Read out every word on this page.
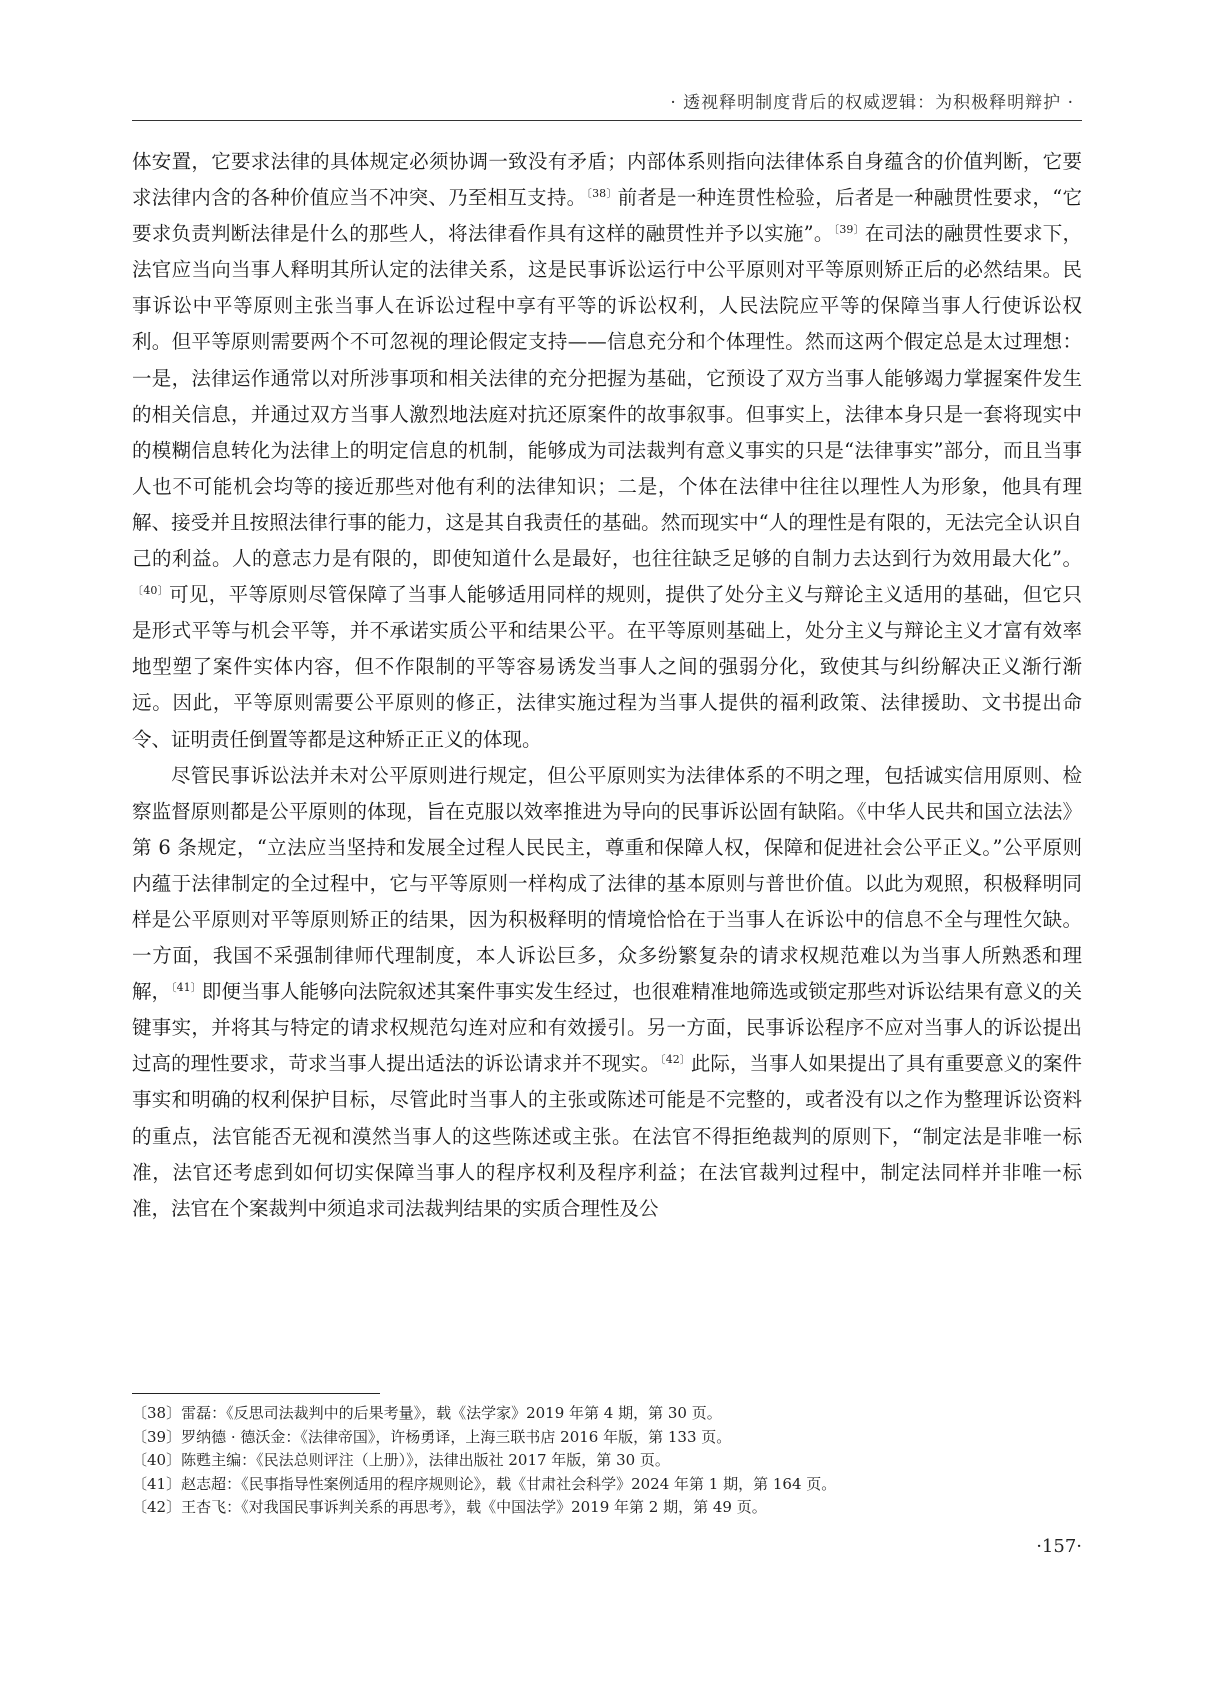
· 透视释明制度背后的权威逻辑：为积极释明辩护 ·

体安置，它要求法律的具体规定必须协调一致没有矛盾；内部体系则指向法律体系自身蕴含的价值判断，它要求法律内含的各种价值应当不冲突、乃至相互支持。$^{〔38〕}$前者是一种连贯性检验，后者是一种融贯性要求，“它要求负责判断法律是什么的那些人，将法律看作具有这样的融贯性并予以实施”。$^{〔39〕}$在司法的融贯性要求下，法官应当向当事人释明其所认定的法律关系，这是民事诉讼运行中公平原则对平等原则矫正后的必然结果。民事诉讼中平等原则主张当事人在诉讼过程中享有平等的诉讼权利，人民法院应平等的保障当事人行使诉讼权利。但平等原则需要两个不可忽视的理论假定支持——信息充分和个体理性。然而这两个假定总是太过理想：一是，法律运作通常以对所涉事项和相关法律的充分把握为基础，它预设了双方当事人能够竭力掌握案件发生的相关信息，并通过双方当事人激烈地法庭对抗还原案件的故事叙事。但事实上，法律本身只是一套将现实中的模糊信息转化为法律上的明定信息的机制，能够成为司法裁判有意义事实的只是“法律事实”部分，而且当事人也不可能机会均等的接近那些对他有利的法律知识；二是，个体在法律中往往以理性人为形象，他具有理解、接受并且按照法律行事的能力，这是其自我责任的基础。然而现实中“人的理性是有限的，无法完全认识自己的利益。人的意志力是有限的，即使知道什么是最好，也往往缺乏足够的自制力去达到行为效用最大化”。$^{〔40〕}$可见，平等原则尽管保障了当事人能够适用同样的规则，提供了处分主义与辩论主义适用的基础，但它只是形式平等与机会平等，并不承诺实质公平和结果公平。在平等原则基础上，处分主义与辩论主义才富有效率地型塑了案件实体内容，但不作限制的平等容易诱发当事人之间的强弱分化，致使其与纠纷解决正义渐行渐远。因此，平等原则需要公平原则的修正，法律实施过程为当事人提供的福利政策、法律援助、文书提出命令、证明责任倒置等都是这种矫正正义的体现。

尽管民事诉讼法并未对公平原则进行规定，但公平原则实为法律体系的不明之理，包括诚实信用原则、检察监督原则都是公平原则的体现，旨在克服以效率推进为导向的民事诉讼固有缺陷。《中华人民共和国立法法》第 6 条规定，“立法应当坚持和发展全过程人民民主，尊重和保障人权，保障和促进社会公平正义。”公平原则内蕴于法律制定的全过程中，它与平等原则一样构成了法律的基本原则与普世价值。以此为观照，积极释明同样是公平原则对平等原则矫正的结果，因为积极释明的情境恰恰在于当事人在诉讼中的信息不全与理性欠缺。一方面，我国不采强制律师代理制度，本人诉讼巨多，众多纷繁复杂的请求权规范难以为当事人所熟悉和理解，$^{〔41〕}$即便当事人能够向法院叙述其案件事实发生经过，也很难精准地筛选或锁定那些对诉讼结果有意义的关键事实，并将其与特定的请求权规范勾连对应和有效援引。另一方面，民事诉讼程序不应对当事人的诉讼提出过高的理性要求，苛求当事人提出适法的诉讼请求并不现实。$^{〔42〕}$此际，当事人如果提出了具有重要意义的案件事实和明确的权利保护目标，尽管此时当事人的主张或陈述可能是不完整的，或者没有以之作为整理诉讼资料的重点，法官能否无视和漠然当事人的这些陈述或主张。在法官不得拒绝裁判的原则下，“制定法是非唯一标准，法官还考虑到如何切实保障当事人的程序权利及程序利益；在法官裁判过程中，制定法同样并非唯一标准，法官在个案裁判中须追求司法裁判结果的实质合理性及公

〔38〕雷磊：《反思司法裁判中的后果考量》，载《法学家》2019 年第 4 期，第 30 页。
〔39〕罗纳德 · 德沃金：《法律帝国》，许杨勇译，上海三联书店 2016 年版，第 133 页。
〔40〕陈甦主编：《民法总则评注（上册）》，法律出版社 2017 年版，第 30 页。
〔41〕赵志超：《民事指导性案例适用的程序规则论》，载《甘肃社会科学》2024 年第 1 期，第 164 页。
〔42〕王杏飞：《对我国民事诉判关系的再思考》，载《中国法学》2019 年第 2 期，第 49 页。
·157·
